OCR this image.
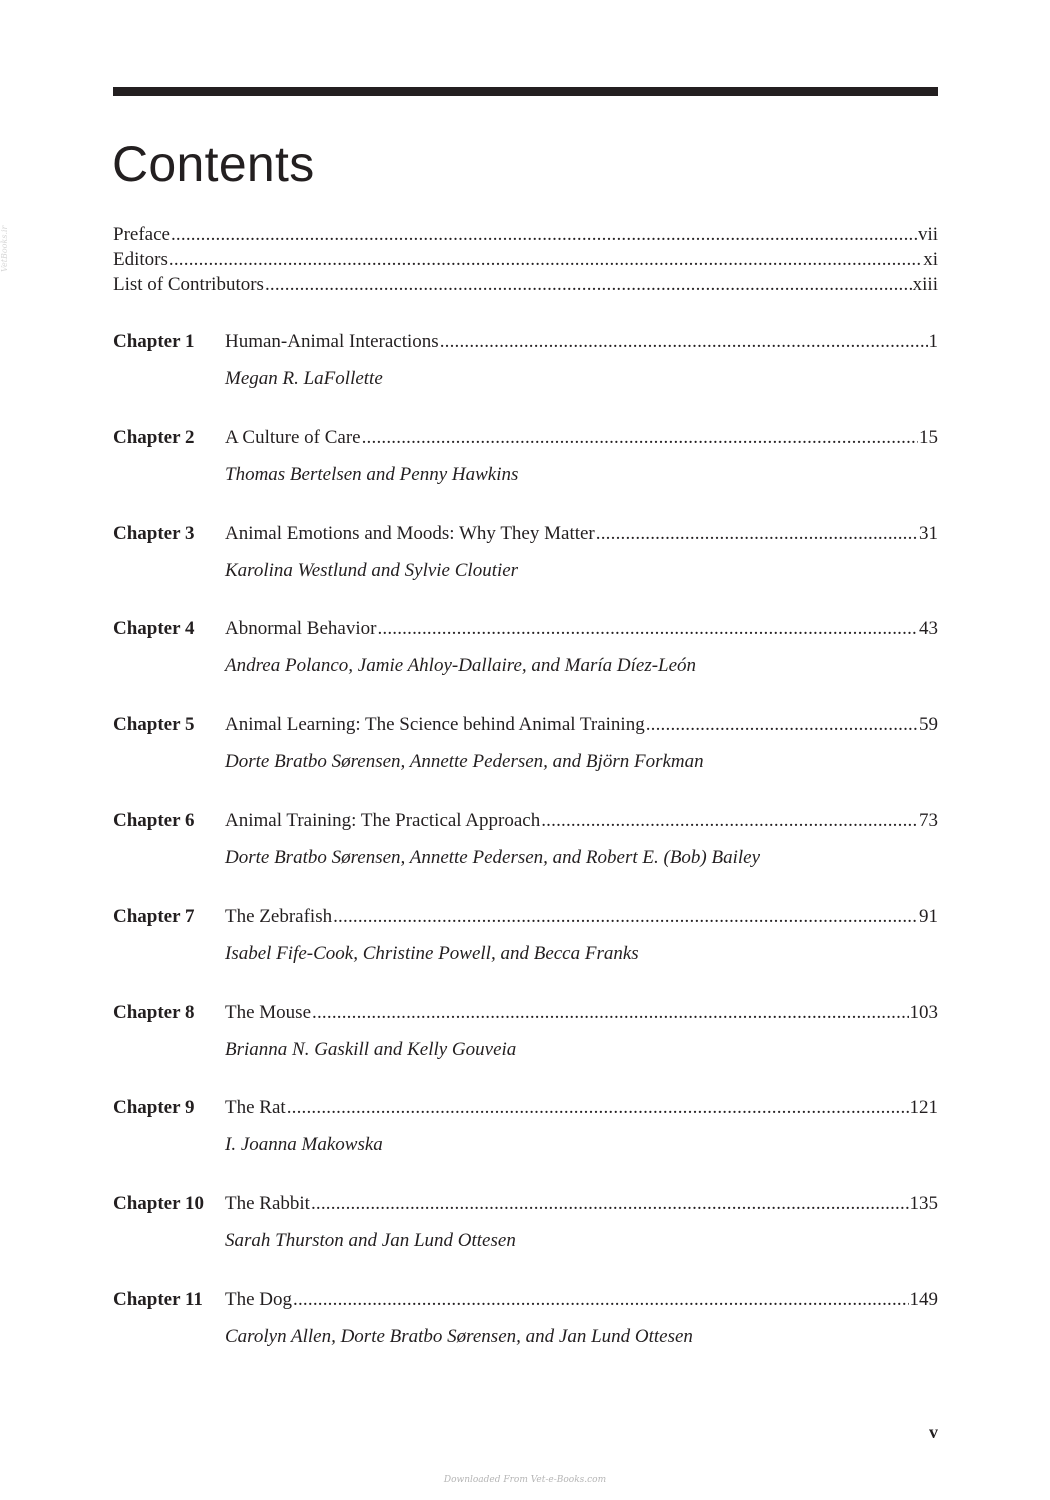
Contents
VetBooks.ir	Preface .....	vii
Editors .....	xi
List of Contributors .....	xiii
Chapter 1	Human-Animal Interactions .....	1
Megan R. LaFollette
Chapter 2	A Culture of Care .....	15
Thomas Bertelsen and Penny Hawkins
Chapter 3	Animal Emotions and Moods: Why They Matter .....	31
Karolina Westlund and Sylvie Cloutier
Chapter 4	Abnormal Behavior .....	43
Andrea Polanco, Jamie Ahloy-Dallaire, and María Díez-León
Chapter 5	Animal Learning: The Science behind Animal Training .....	59
Dorte Bratbo Sørensen, Annette Pedersen, and Björn Forkman
Chapter 6	Animal Training: The Practical Approach .....	73
Dorte Bratbo Sørensen, Annette Pedersen, and Robert E. (Bob) Bailey
Chapter 7	The Zebrafish .....	91
Isabel Fife-Cook, Christine Powell, and Becca Franks
Chapter 8	The Mouse .....	103
Brianna N. Gaskill and Kelly Gouveia
Chapter 9	The Rat .....	121
I. Joanna Makowska
Chapter 10	The Rabbit .....	135
Sarah Thurston and Jan Lund Ottesen
Chapter 11	The Dog .....	149
Carolyn Allen, Dorte Bratbo Sørensen, and Jan Lund Ottesen
v
Downloaded From Vet-e-Books.com
